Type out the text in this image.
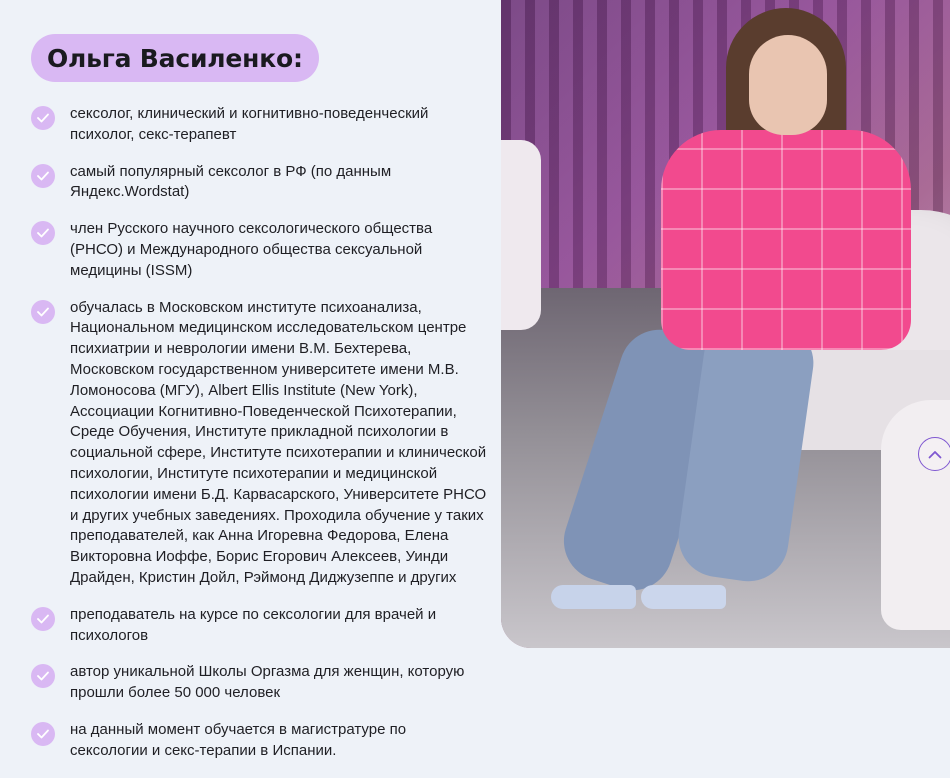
Ольга Василенко:
сексолог, клинический и когнитивно-поведенческий
психолог, секс-терапевт
самый популярный сексолог в РФ (по данным
Яндекс.Wordstat)
член Русского научного сексологического общества
(РНСО) и Международного общества сексуальной
медицины (ISSM)
обучалась в Московском институте психоанализа,
Национальном медицинском исследовательском центре
психиатрии и неврологии имени В.М. Бехтерева,
Московском государственном университете имени М.В.
Ломоносова (МГУ), Albert Ellis Institute (New York),
Ассоциации Когнитивно-Поведенческой Психотерапии,
Среде Обучения, Институте прикладной психологии в
социальной сфере, Институте психотерапии и клинической
психологии, Институте психотерапии и медицинской
психологии имени Б.Д. Карвасарского, Университете РНСО
и других учебных заведениях. Проходила обучение у таких
преподавателей, как Анна Игоревна Федорова, Елена
Викторовна Иоффе, Борис Егорович Алексеев, Уинди
Драйден, Кристин Дойл, Рэймонд Диджузеппе и других
преподаватель на курсе по сексологии для врачей и
психологов
автор уникальной Школы Оргазма для женщин, которую
прошли более 50 000 человек
на данный момент обучается в магистратуре по
сексологии и секс-терапии в Испании.
